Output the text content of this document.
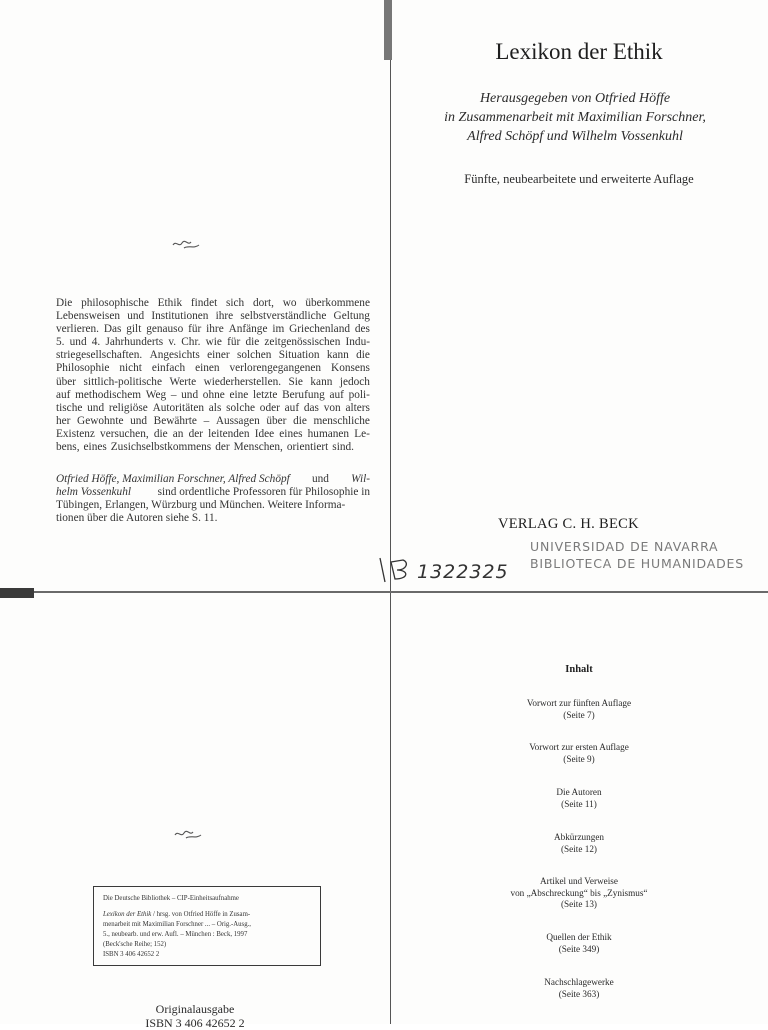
Die philosophische Ethik findet sich dort, wo überkommene
Lebensweisen und Institutionen ihre selbstverständliche Geltung
verlieren. Das gilt genauso für ihre Anfänge im Griechenland des
5. und 4. Jahrhunderts v. Chr. wie für die zeitgenössischen Indu-
striegesellschaften. Angesichts einer solchen Situation kann die
Philosophie nicht einfach einen verlorengegangenen Konsens
über sittlich-politische Werte wiederherstellen. Sie kann jedoch
auf methodischem Weg – und ohne eine letzte Berufung auf poli-
tische und religiöse Autoritäten als solche oder auf das von alters
her Gewohnte und Bewährte – Aussagen über die menschliche
Existenz versuchen, die an der leitenden Idee eines humanen Le-
bens, eines Zusichselbstkommens der Menschen, orientiert sind.
Otfried Höffe, Maximilian Forschner, Alfred Schöpf und Wil-
helm Vossenkuhl sind ordentliche Professoren für Philosophie in
Tübingen, Erlangen, Würzburg und München. Weitere Informa-
tionen über die Autoren siehe S. 11.
Lexikon der Ethik
Herausgegeben von Otfried Höffe
in Zusammenarbeit mit Maximilian Forschner,
Alfred Schöpf und Wilhelm Vossenkuhl
Fünfte, neubearbeitete und erweiterte Auflage
VERLAG C. H. BECK
UNIVERSIDAD DE NAVARRA
BIBLIOTECA DE HUMANIDADES
1322325
Die Deutsche Bibliothek – CIP-Einheitsaufnahme
Lexikon der Ethik / hrsg. von Otfried Höffe in Zusam-
menarbeit mit Maximilian Forschner ... – Orig.-Ausg.,
5., neubearb. und erw. Aufl. – München : Beck, 1997
(Beck'sche Reihe; 152)
ISBN 3 406 42652 2
Originalausgabe
ISBN 3 406 42652 2
Inhalt
Vorwort zur fünften Auflage
(Seite 7)
Vorwort zur ersten Auflage
(Seite 9)
Die Autoren
(Seite 11)
Abkürzungen
(Seite 12)
Artikel und Verweise
von „Abschreckung“ bis „Zynismus“
(Seite 13)
Quellen der Ethik
(Seite 349)
Nachschlagewerke
(Seite 363)
